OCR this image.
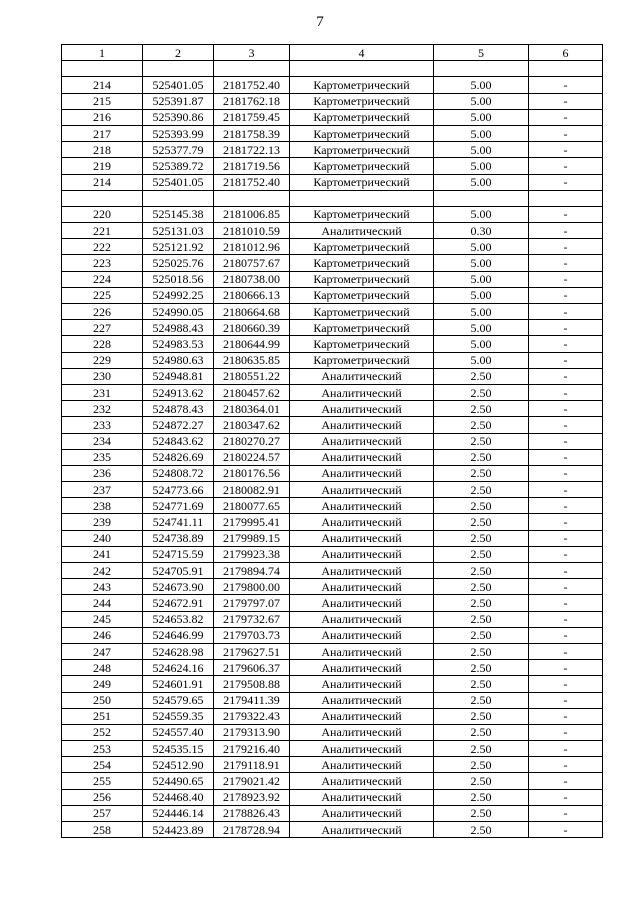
7
1	2	3	4	5	6

214	525401.05	2181752.40	Картометрический	5.00	-
215	525391.87	2181762.18	Картометрический	5.00	-
216	525390.86	2181759.45	Картометрический	5.00	-
217	525393.99	2181758.39	Картометрический	5.00	-
218	525377.79	2181722.13	Картометрический	5.00	-
219	525389.72	2181719.56	Картометрический	5.00	-
214	525401.05	2181752.40	Картометрический	5.00	-

220	525145.38	2181006.85	Картометрический	5.00	-
221	525131.03	2181010.59	Аналитический	0.30	-
222	525121.92	2181012.96	Картометрический	5.00	-
223	525025.76	2180757.67	Картометрический	5.00	-
224	525018.56	2180738.00	Картометрический	5.00	-
225	524992.25	2180666.13	Картометрический	5.00	-
226	524990.05	2180664.68	Картометрический	5.00	-
227	524988.43	2180660.39	Картометрический	5.00	-
228	524983.53	2180644.99	Картометрический	5.00	-
229	524980.63	2180635.85	Картометрический	5.00	-
230	524948.81	2180551.22	Аналитический	2.50	-
231	524913.62	2180457.62	Аналитический	2.50	-
232	524878.43	2180364.01	Аналитический	2.50	-
233	524872.27	2180347.62	Аналитический	2.50	-
234	524843.62	2180270.27	Аналитический	2.50	-
235	524826.69	2180224.57	Аналитический	2.50	-
236	524808.72	2180176.56	Аналитический	2.50	-
237	524773.66	2180082.91	Аналитический	2.50	-
238	524771.69	2180077.65	Аналитический	2.50	-
239	524741.11	2179995.41	Аналитический	2.50	-
240	524738.89	2179989.15	Аналитический	2.50	-
241	524715.59	2179923.38	Аналитический	2.50	-
242	524705.91	2179894.74	Аналитический	2.50	-
243	524673.90	2179800.00	Аналитический	2.50	-
244	524672.91	2179797.07	Аналитический	2.50	-
245	524653.82	2179732.67	Аналитический	2.50	-
246	524646.99	2179703.73	Аналитический	2.50	-
247	524628.98	2179627.51	Аналитический	2.50	-
248	524624.16	2179606.37	Аналитический	2.50	-
249	524601.91	2179508.88	Аналитический	2.50	-
250	524579.65	2179411.39	Аналитический	2.50	-
251	524559.35	2179322.43	Аналитический	2.50	-
252	524557.40	2179313.90	Аналитический	2.50	-
253	524535.15	2179216.40	Аналитический	2.50	-
254	524512.90	2179118.91	Аналитический	2.50	-
255	524490.65	2179021.42	Аналитический	2.50	-
256	524468.40	2178923.92	Аналитический	2.50	-
257	524446.14	2178826.43	Аналитический	2.50	-
258	524423.89	2178728.94	Аналитический	2.50	-
